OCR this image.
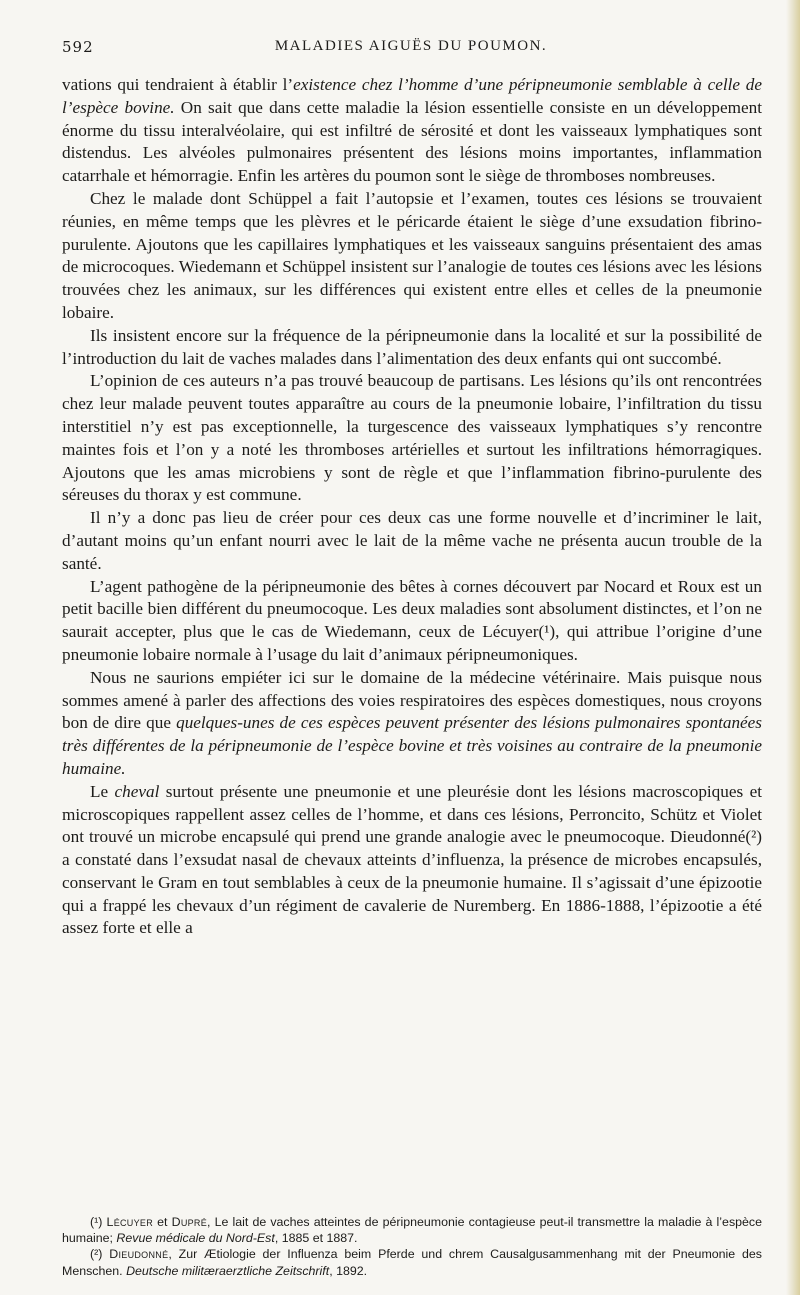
592	MALADIES AIGUËS DU POUMON.

vations qui tendraient à établir l’existence chez l’homme d’une péripneumonie semblable à celle de l’espèce bovine. On sait que dans cette maladie la lésion essentielle consiste en un développement énorme du tissu interalvéolaire, qui est infiltré de sérosité et dont les vaisseaux lymphatiques sont distendus. Les alvéoles pulmonaires présentent des lésions moins importantes, inflammation catarrhale et hémorragie. Enfin les artères du poumon sont le siège de thromboses nombreuses.

Chez le malade dont Schüppel a fait l’autopsie et l’examen, toutes ces lésions se trouvaient réunies, en même temps que les plèvres et le péricarde étaient le siège d’une exsudation fibrino-purulente. Ajoutons que les capillaires lymphatiques et les vaisseaux sanguins présentaient des amas de microcoques. Wiedemann et Schüppel insistent sur l’analogie de toutes ces lésions avec les lésions trouvées chez les animaux, sur les différences qui existent entre elles et celles de la pneumonie lobaire.

Ils insistent encore sur la fréquence de la péripneumonie dans la localité et sur la possibilité de l’introduction du lait de vaches malades dans l’alimentation des deux enfants qui ont succombé.

L’opinion de ces auteurs n’a pas trouvé beaucoup de partisans. Les lésions qu’ils ont rencontrées chez leur malade peuvent toutes apparaître au cours de la pneumonie lobaire, l’infiltration du tissu interstitiel n’y est pas exceptionnelle, la turgescence des vaisseaux lymphatiques s’y rencontre maintes fois et l’on y a noté les thromboses artérielles et surtout les infiltrations hémorragiques. Ajoutons que les amas microbiens y sont de règle et que l’inflammation fibrino-purulente des séreuses du thorax y est commune.

Il n’y a donc pas lieu de créer pour ces deux cas une forme nouvelle et d’incriminer le lait, d’autant moins qu’un enfant nourri avec le lait de la même vache ne présenta aucun trouble de la santé.

L’agent pathogène de la péripneumonie des bêtes à cornes découvert par Nocard et Roux est un petit bacille bien différent du pneumocoque. Les deux maladies sont absolument distinctes, et l’on ne saurait accepter, plus que le cas de Wiedemann, ceux de Lécuyer(¹), qui attribue l’origine d’une pneumonie lobaire normale à l’usage du lait d’animaux péripneumoniques.

Nous ne saurions empiéter ici sur le domaine de la médecine vétérinaire. Mais puisque nous sommes amené à parler des affections des voies respiratoires des espèces domestiques, nous croyons bon de dire que quelques-unes de ces espèces peuvent présenter des lésions pulmonaires spontanées très différentes de la péripneumonie de l’espèce bovine et très voisines au contraire de la pneumonie humaine.

Le cheval surtout présente une pneumonie et une pleurésie dont les lésions macroscopiques et microscopiques rappellent assez celles de l’homme, et dans ces lésions, Perroncito, Schütz et Violet ont trouvé un microbe encapsulé qui prend une grande analogie avec le pneumocoque. Dieudonné(²) a constaté dans l’exsudat nasal de chevaux atteints d’influenza, la présence de microbes encapsulés, conservant le Gram en tout semblables à ceux de la pneumonie humaine. Il s’agissait d’une épizootie qui a frappé les chevaux d’un régiment de cavalerie de Nuremberg. En 1886-1888, l’épizootie a été assez forte et elle a

(¹) Lécuyer et Dupré, Le lait de vaches atteintes de péripneumonie contagieuse peut-il transmettre la maladie à l’espèce humaine; Revue médicale du Nord-Est, 1885 et 1887.

(²) Dieudonné, Zur Ætiologie der Influenza beim Pferde und chrem Causalgusammenhang mit der Pneumonie des Menschen. Deutsche militæraerztliche Zeitschrift, 1892.
